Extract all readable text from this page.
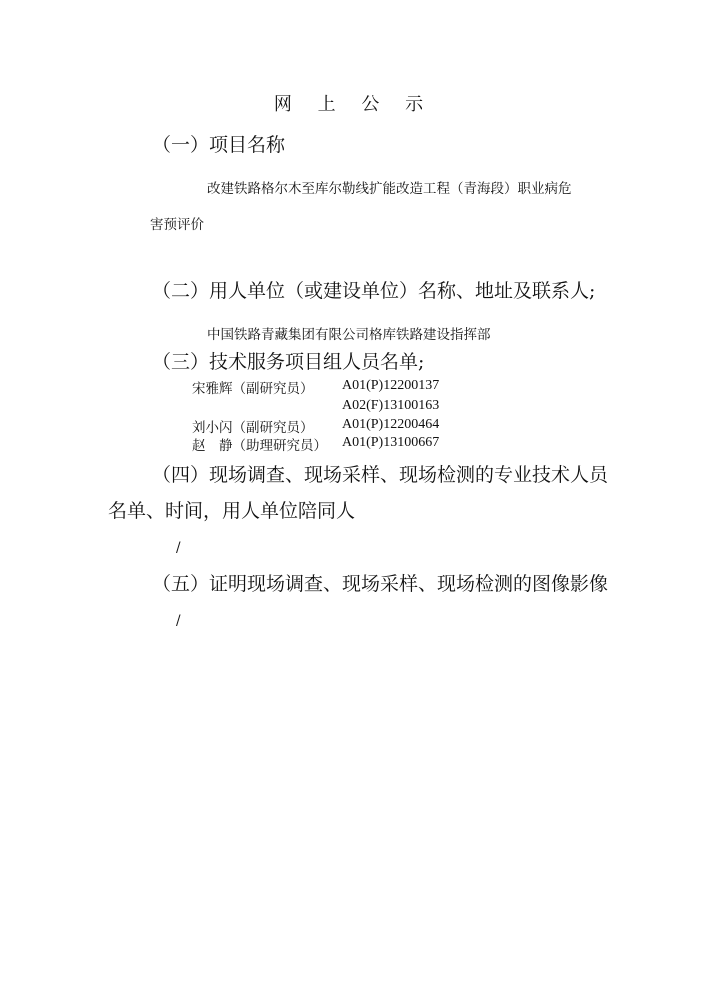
网 上 公 示
（一）项目名称
改建铁路格尔木至库尔勒线扩能改造工程（青海段）职业病危
害预评价
（二）用人单位（或建设单位）名称、地址及联系人;
中国铁路青藏集团有限公司格库铁路建设指挥部
（三）技术服务项目组人员名单;
宋雅辉（副研究员） A01(P)12200137
A02(F)13100163
刘小闪（副研究员） A01(P)12200464
赵　静（助理研究员） A01(P)13100667
（四）现场调查、现场采样、现场检测的专业技术人员
名单、时间，用人单位陪同人
/
（五）证明现场调查、现场采样、现场检测的图像影像
/
